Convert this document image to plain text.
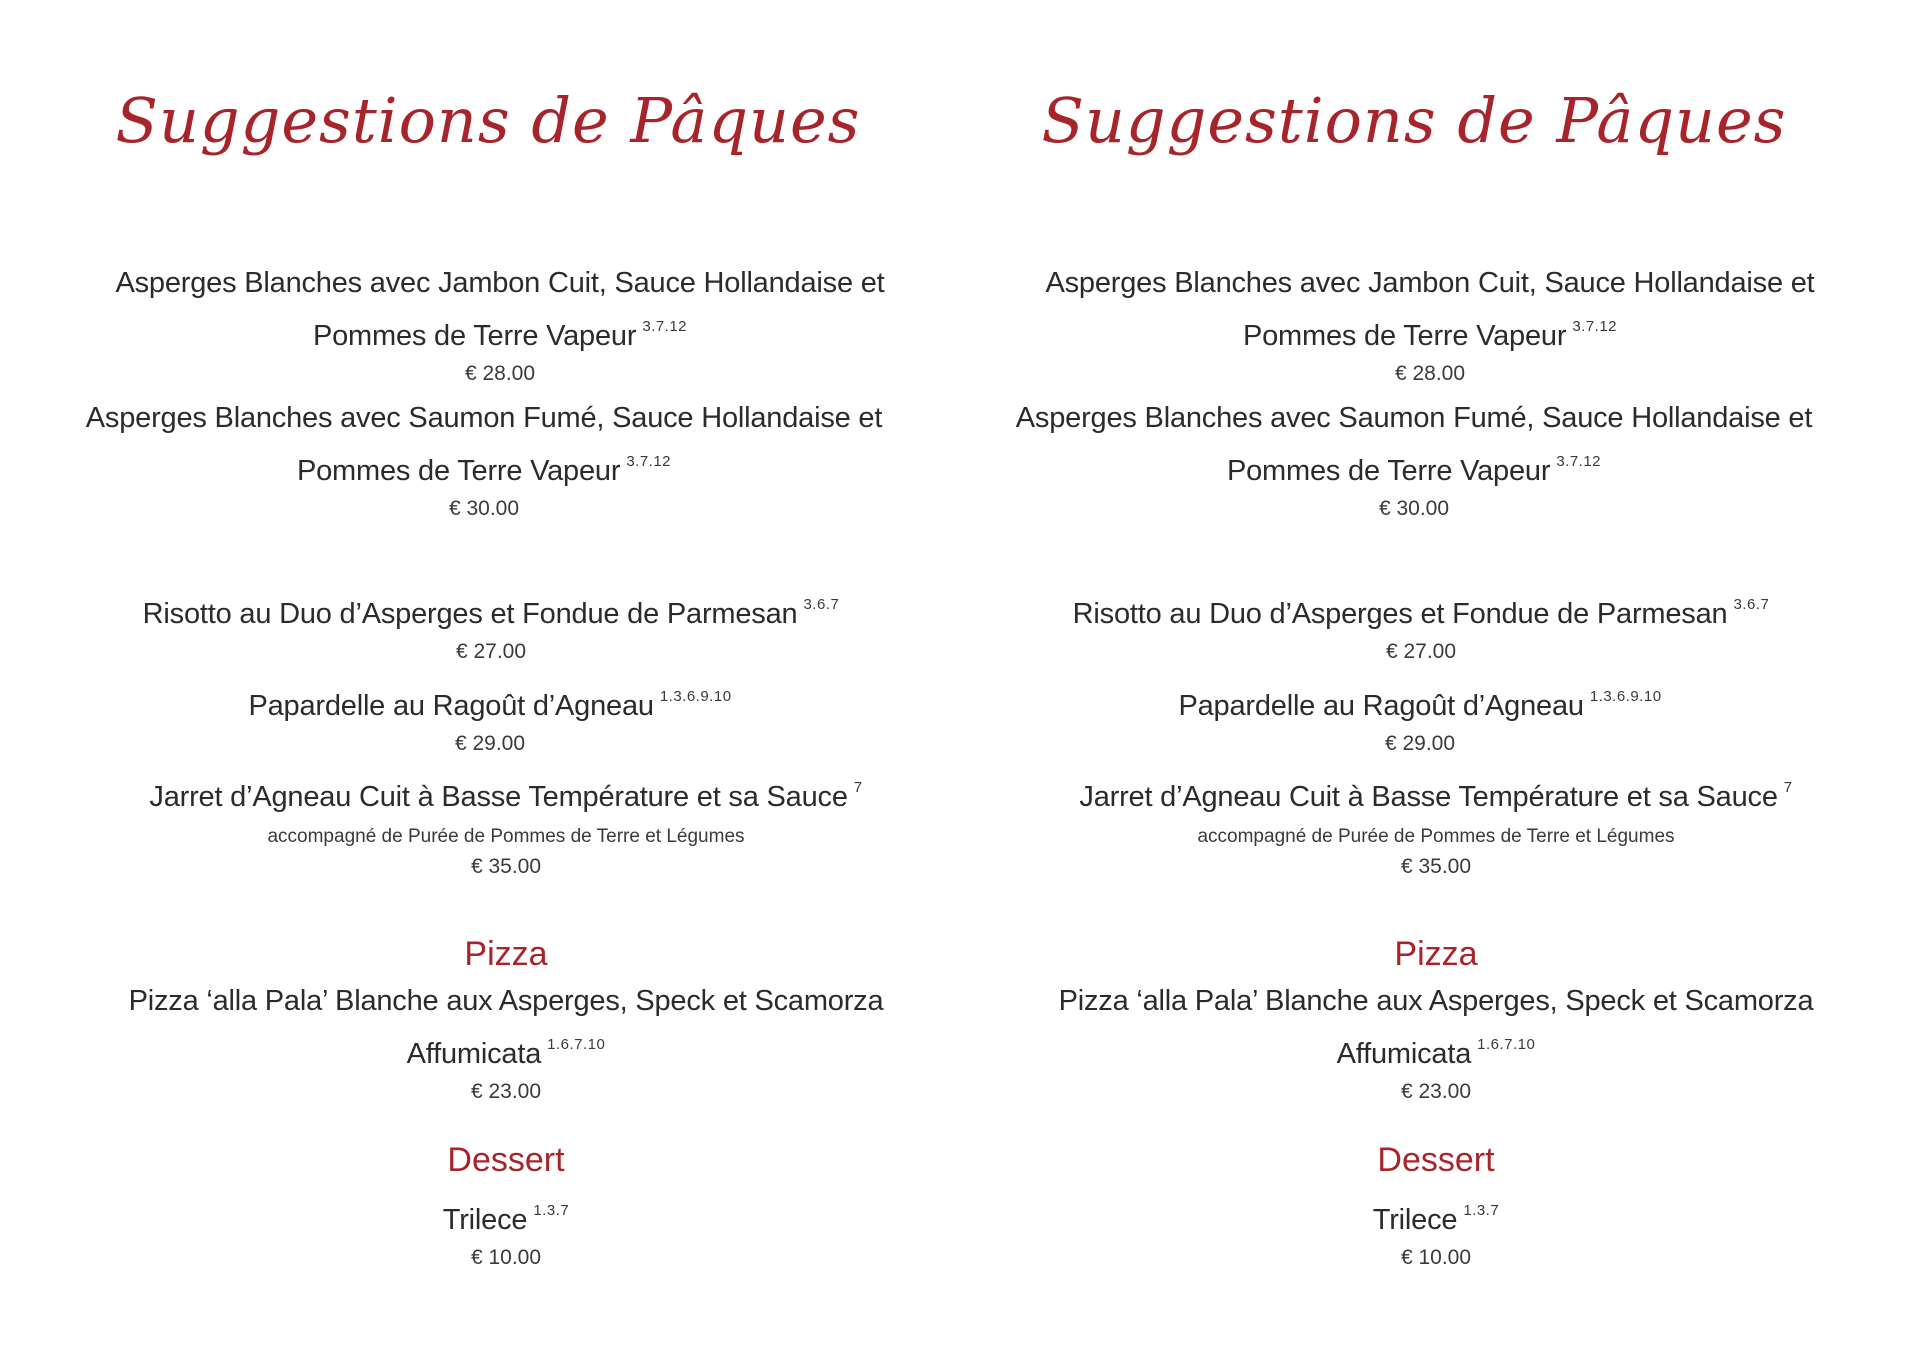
Suggestions de Pâques
Asperges Blanches avec Jambon Cuit, Sauce Hollandaise et
Pommes de Terre Vapeur $^{3.7.12}$
€ 28.00
Asperges Blanches avec Saumon Fumé, Sauce Hollandaise et
Pommes de Terre Vapeur $^{3.7.12}$
€ 30.00
Risotto au Duo d’Asperges et Fondue de Parmesan $^{3.6.7}$
€ 27.00
Papardelle au Ragoût d’Agneau $^{1.3.6.9.10}$
€ 29.00
Jarret d’Agneau Cuit à Basse Température et sa Sauce $^7$
accompagné de Purée de Pommes de Terre et Légumes
€ 35.00
Pizza
Pizza ‘alla Pala’ Blanche aux Asperges, Speck et Scamorza
Affumicata $^{1.6.7.10}$
€ 23.00
Dessert
Trilece $^{1.3.7}$
€ 10.00
Suggestions de Pâques
Asperges Blanches avec Jambon Cuit, Sauce Hollandaise et
Pommes de Terre Vapeur $^{3.7.12}$
€ 28.00
Asperges Blanches avec Saumon Fumé, Sauce Hollandaise et
Pommes de Terre Vapeur $^{3.7.12}$
€ 30.00
Risotto au Duo d’Asperges et Fondue de Parmesan $^{3.6.7}$
€ 27.00
Papardelle au Ragoût d’Agneau $^{1.3.6.9.10}$
€ 29.00
Jarret d’Agneau Cuit à Basse Température et sa Sauce $^7$
accompagné de Purée de Pommes de Terre et Légumes
€ 35.00
Pizza
Pizza ‘alla Pala’ Blanche aux Asperges, Speck et Scamorza
Affumicata $^{1.6.7.10}$
€ 23.00
Dessert
Trilece $^{1.3.7}$
€ 10.00
